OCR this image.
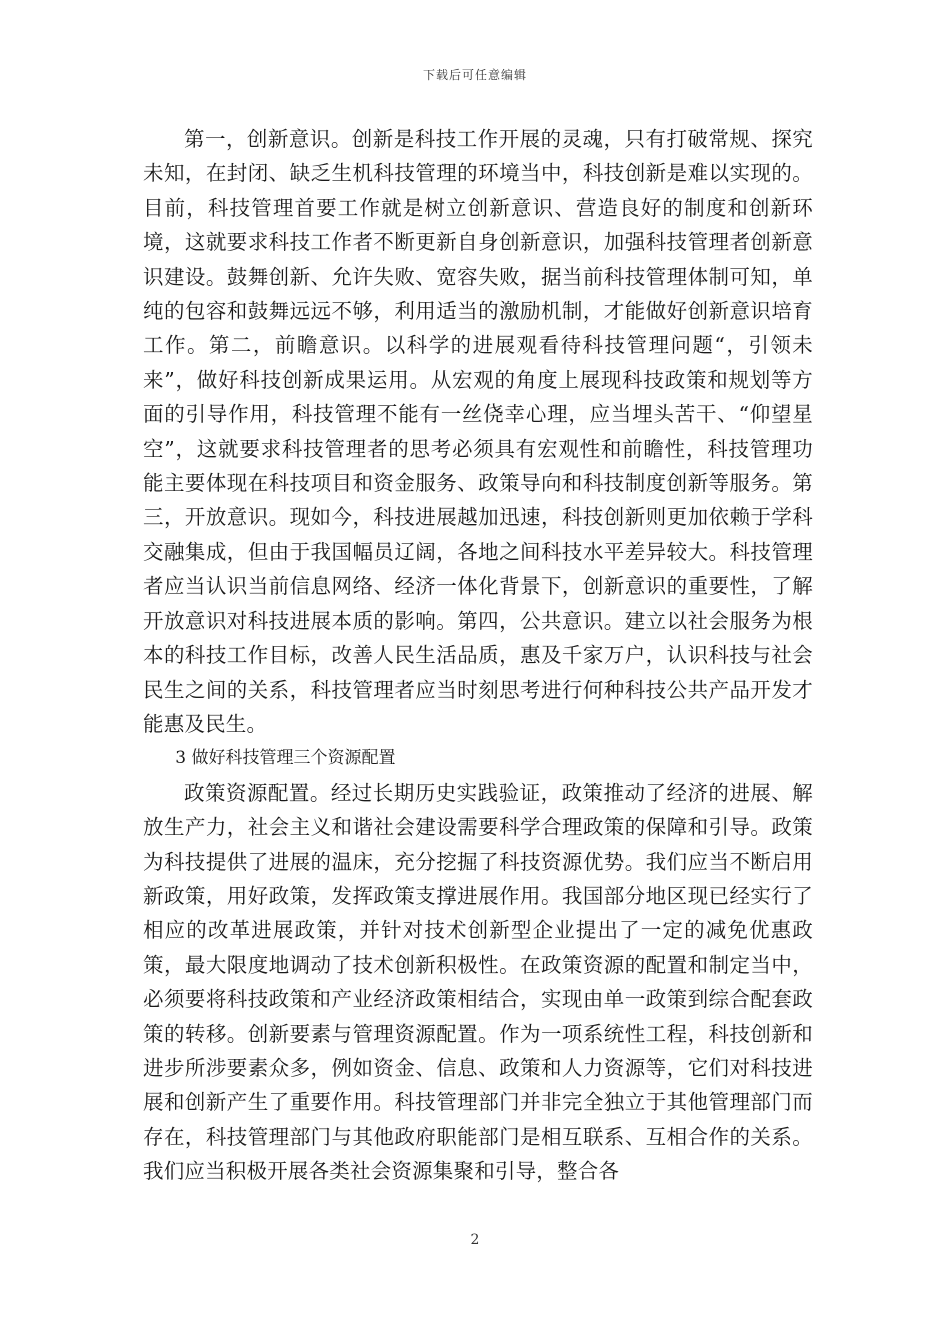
下载后可任意编辑

第一，创新意识。创新是科技工作开展的灵魂，只有打破常规、探究未知，在封闭、缺乏生机科技管理的环境当中，科技创新是难以实现的。目前，科技管理首要工作就是树立创新意识、营造良好的制度和创新环境，这就要求科技工作者不断更新自身创新意识，加强科技管理者创新意识建设。鼓舞创新、允许失败、宽容失败，据当前科技管理体制可知，单纯的包容和鼓舞远远不够，利用适当的激励机制，才能做好创新意识培育工作。第二，前瞻意识。以科学的进展观看待科技管理问题“，引领未来”，做好科技创新成果运用。从宏观的角度上展现科技政策和规划等方面的引导作用，科技管理不能有一丝侥幸心理，应当埋头苦干、“仰望星空”，这就要求科技管理者的思考必须具有宏观性和前瞻性，科技管理功能主要体现在科技项目和资金服务、政策导向和科技制度创新等服务。第三，开放意识。现如今，科技进展越加迅速，科技创新则更加依赖于学科交融集成，但由于我国幅员辽阔，各地之间科技水平差异较大。科技管理者应当认识当前信息网络、经济一体化背景下，创新意识的重要性，了解开放意识对科技进展本质的影响。第四，公共意识。建立以社会服务为根本的科技工作目标，改善人民生活品质，惠及千家万户，认识科技与社会民生之间的关系，科技管理者应当时刻思考进行何种科技公共产品开发才能惠及民生。

3 做好科技管理三个资源配置

政策资源配置。经过长期历史实践验证，政策推动了经济的进展、解放生产力，社会主义和谐社会建设需要科学合理政策的保障和引导。政策为科技提供了进展的温床，充分挖掘了科技资源优势。我们应当不断启用新政策，用好政策，发挥政策支撑进展作用。我国部分地区现已经实行了相应的改革进展政策，并针对技术创新型企业提出了一定的减免优惠政策，最大限度地调动了技术创新积极性。在政策资源的配置和制定当中，必须要将科技政策和产业经济政策相结合，实现由单一政策到综合配套政策的转移。创新要素与管理资源配置。作为一项系统性工程，科技创新和进步所涉要素众多，例如资金、信息、政策和人力资源等，它们对科技进展和创新产生了重要作用。科技管理部门并非完全独立于其他管理部门而存在，科技管理部门与其他政府职能部门是相互联系、互相合作的关系。我们应当积极开展各类社会资源集聚和引导，整合各

2
